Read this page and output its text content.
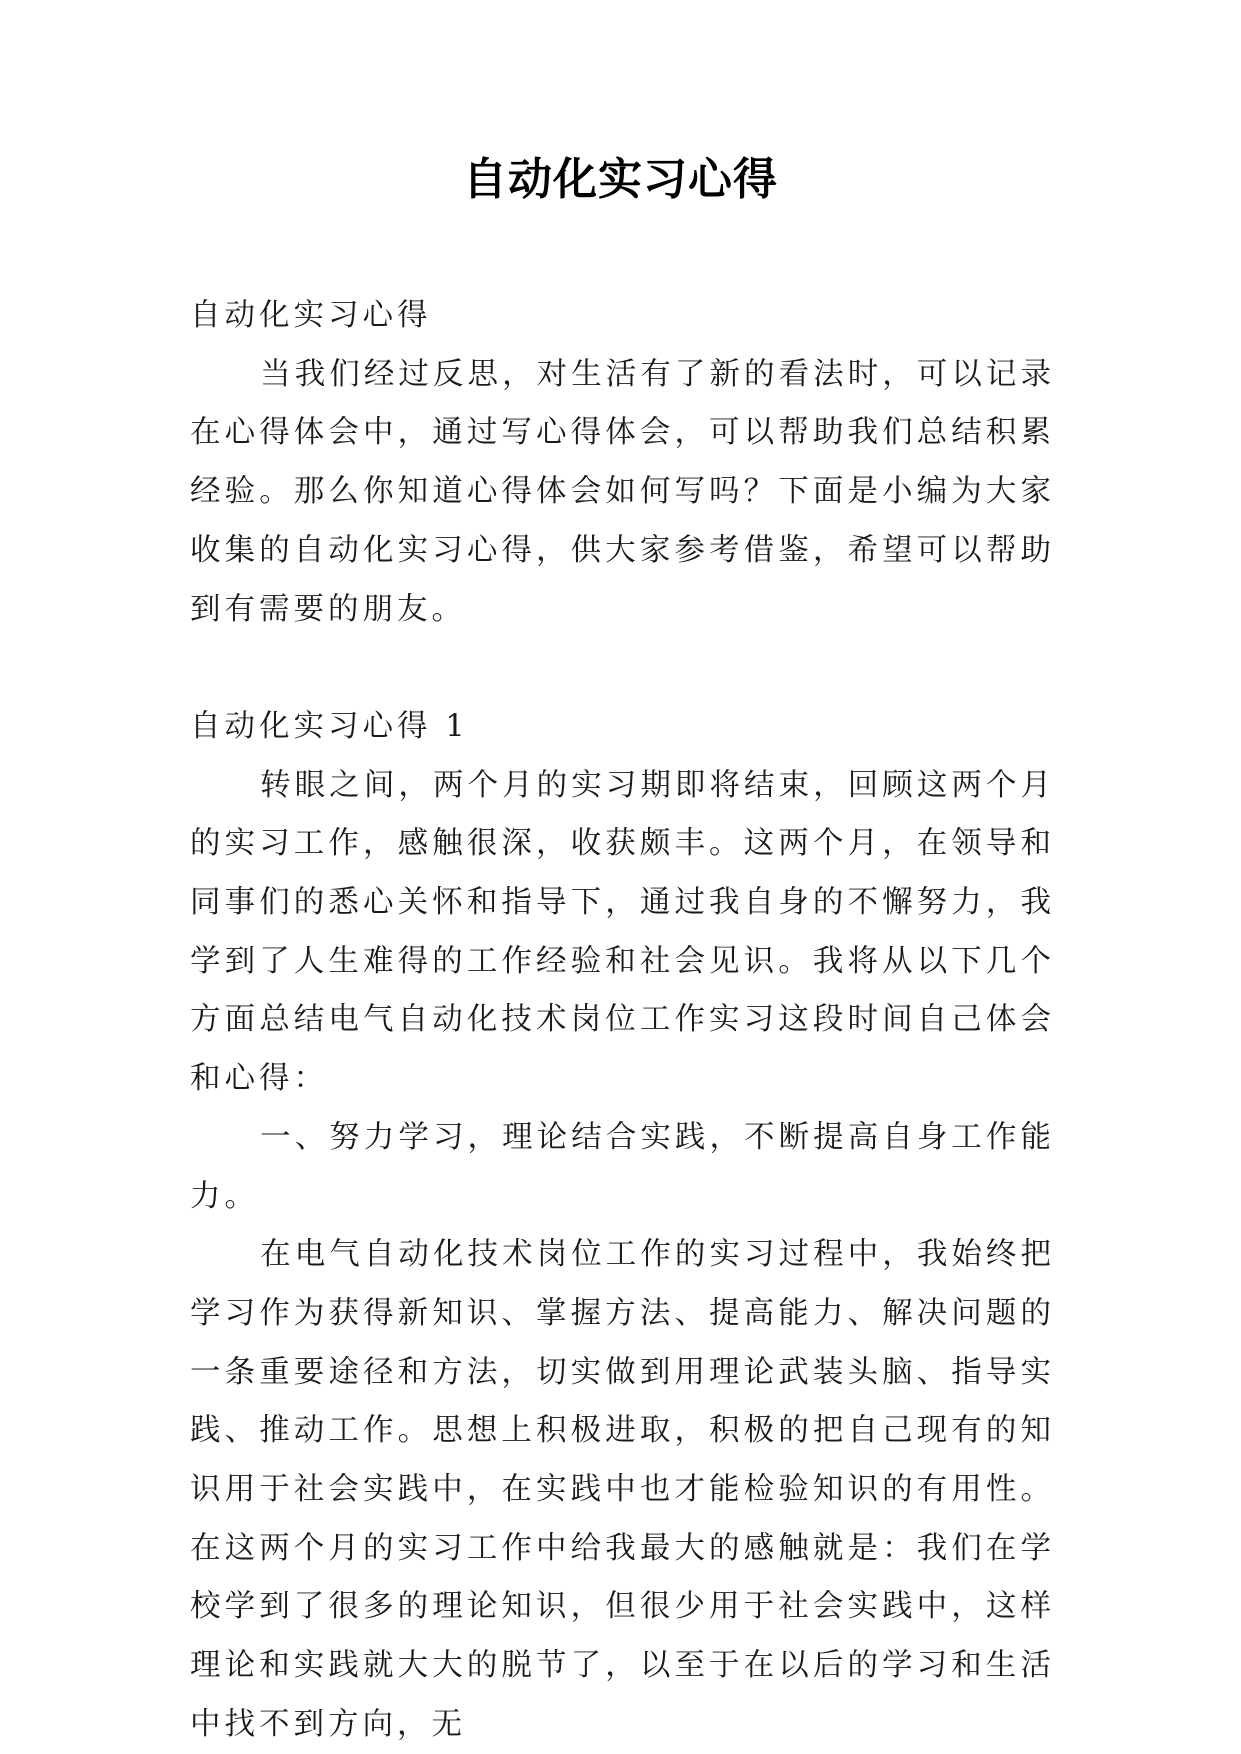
自动化实习心得

自动化实习心得

当我们经过反思，对生活有了新的看法时，可以记录在心得体会中，通过写心得体会，可以帮助我们总结积累经验。那么你知道心得体会如何写吗？下面是小编为大家收集的自动化实习心得，供大家参考借鉴，希望可以帮助到有需要的朋友。

自动化实习心得 1

转眼之间，两个月的实习期即将结束，回顾这两个月的实习工作，感触很深，收获颇丰。这两个月，在领导和同事们的悉心关怀和指导下，通过我自身的不懈努力，我学到了人生难得的工作经验和社会见识。我将从以下几个方面总结电气自动化技术岗位工作实习这段时间自己体会和心得：

一、努力学习，理论结合实践，不断提高自身工作能力。

在电气自动化技术岗位工作的实习过程中，我始终把学习作为获得新知识、掌握方法、提高能力、解决问题的一条重要途径和方法，切实做到用理论武装头脑、指导实践、推动工作。思想上积极进取，积极的把自己现有的知识用于社会实践中，在实践中也才能检验知识的有用性。在这两个月的实习工作中给我最大的感触就是：我们在学校学到了很多的理论知识，但很少用于社会实践中，这样理论和实践就大大的脱节了，以至于在以后的学习和生活中找不到方向，无
